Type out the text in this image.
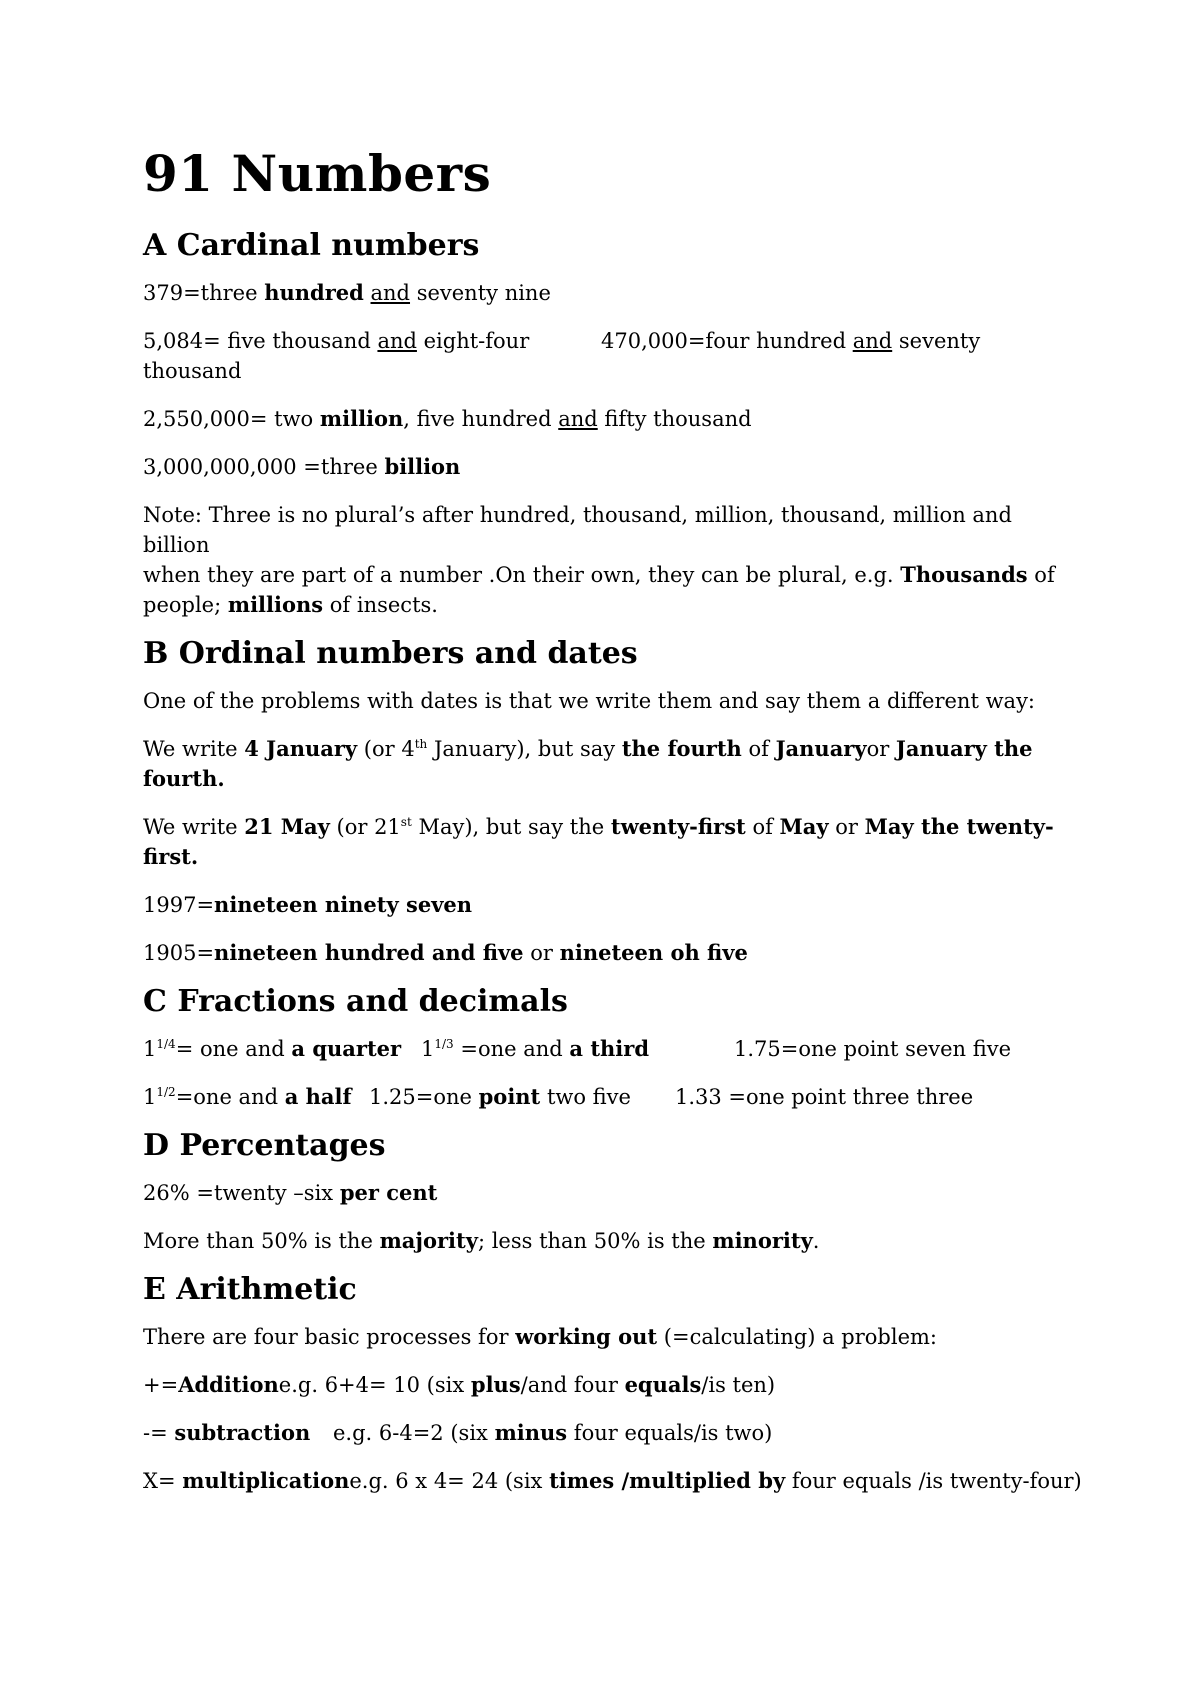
91 Numbers
A Cardinal numbers

379=three hundred and seventy nine

5,084= five thousand and eight-four	470,000=four hundred and seventy
thousand

2,550,000= two million, five hundred and fifty thousand

3,000,000,000 =three billion

Note: Three is no plural’s after hundred, thousand, million, thousand, million and billion
when they are part of a number .On their own, they can be plural, e.g. Thousands of
people; millions of insects.

B Ordinal numbers and dates

One of the problems with dates is that we write them and say them a different way:

We write 4 January (or 4th January), but say the fourth of Januaryor January the
fourth.

We write 21 May (or 21st May), but say the twenty-first of May or May the twenty-
first.

1997=nineteen ninety seven

1905=nineteen hundred and five or nineteen oh five

C Fractions and decimals

$1^{1/4}=$ one and a quarter $1^{1/3} =one$ and a third	1.75=one point seven five

$1^{1/2}=one$ and a half 1.25=one point two five 1.33 =one point three three

D Percentages

26% =twenty –six per cent

More than 50% is the majority; less than 50% is the minority.

E Arithmetic

There are four basic processes for working out (=calculating) a problem:

+=Additione.g. 6+4= 10 (six plus/and four equals/is ten)

-= subtraction e.g. 6-4=2 (six minus four equals/is two)

X= multiplicatione.g. 6 x 4= 24 (six times /multiplied by four equals /is twenty-four)
